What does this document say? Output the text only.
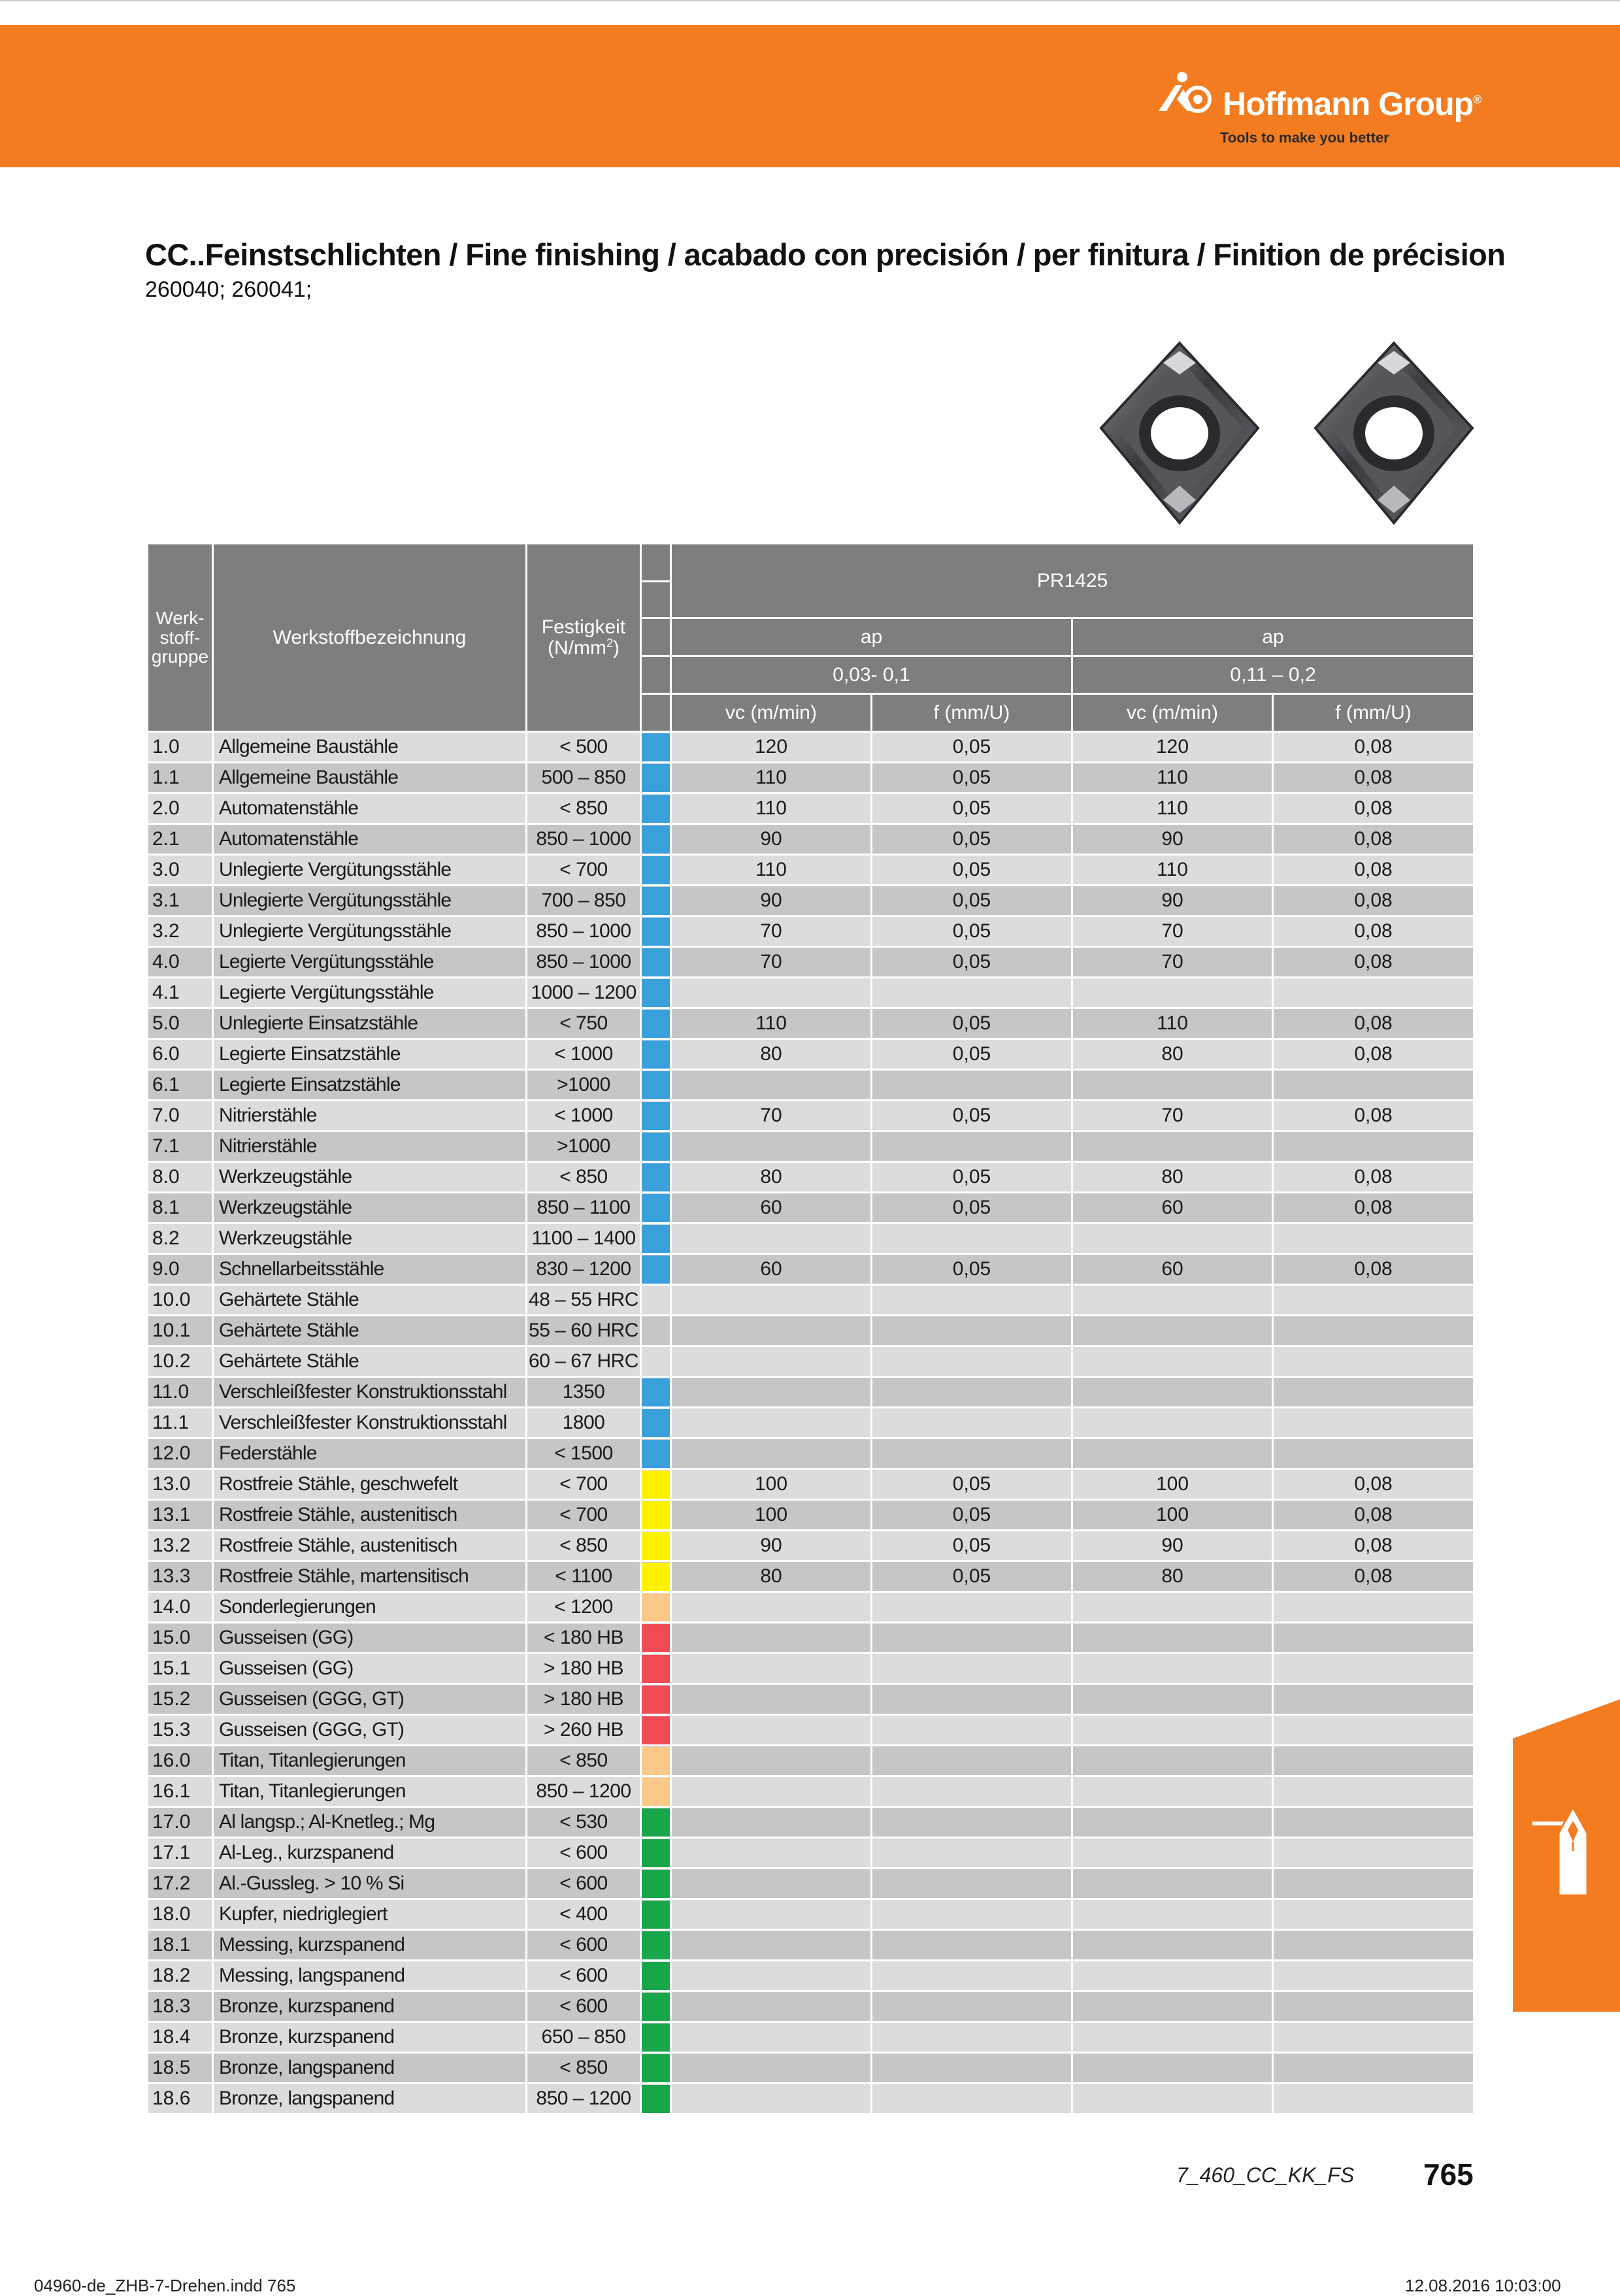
Hoffmann Group®
Tools to make you better
CC..Feinstschlichten / Fine finishing / acabado con precisión / per finitura / Finition de précision
260040; 260041;
Werk-
stoff-
gruppe	Werkstoffbezeichnung	Festigkeit
$(N/mm^2)$		PR1425			

				ap		ap	
				0,03- 0,1		0,11 – 0,2	
				vc (m/min)	f (mm/U)	vc (m/min)	f (mm/U)
1.0	Allgemeine Baustähle	< 500		120	0,05	120	0,08
1.1	Allgemeine Baustähle	500 – 850		110	0,05	110	0,08
2.0	Automatenstähle	< 850		110	0,05	110	0,08
2.1	Automatenstähle	850 – 1000		90	0,05	90	0,08
3.0	Unlegierte Vergütungsstähle	< 700		110	0,05	110	0,08
3.1	Unlegierte Vergütungsstähle	700 – 850		90	0,05	90	0,08
3.2	Unlegierte Vergütungsstähle	850 – 1000		70	0,05	70	0,08
4.0	Legierte Vergütungsstähle	850 – 1000		70	0,05	70	0,08
4.1	Legierte Vergütungsstähle	1000 – 1200	

5.0	Unlegierte Einsatzstähle	< 750		110	0,05	110	0,08
6.0	Legierte Einsatzstähle	< 1000		80	0,05	80	0,08
6.1	Legierte Einsatzstähle	>1000	

7.0	Nitrierstähle	< 1000		70	0,05	70	0,08
7.1	Nitrierstähle	>1000	

8.0	Werkzeugstähle	< 850		80	0,05	80	0,08
8.1	Werkzeugstähle	850 – 1100		60	0,05	60	0,08
8.2	Werkzeugstähle	1100 – 1400	

9.0	Schnellarbeitsstähle	830 – 1200		60	0,05	60	0,08
10.0	Gehärtete Stähle	48 – 55 HRC	

10.1	Gehärtete Stähle	55 – 60 HRC	

10.2	Gehärtete Stähle	60 – 67 HRC	

11.0	Verschleißfester Konstruktionsstahl	1350	

11.1	Verschleißfester Konstruktionsstahl	1800	

12.0	Federstähle	< 1500	

13.0	Rostfreie Stähle, geschwefelt	< 700		100	0,05	100	0,08
13.1	Rostfreie Stähle, austenitisch	< 700		100	0,05	100	0,08
13.2	Rostfreie Stähle, austenitisch	< 850		90	0,05	90	0,08
13.3	Rostfreie Stähle, martensitisch	< 1100		80	0,05	80	0,08
14.0	Sonderlegierungen	< 1200	

15.0	Gusseisen (GG)	< 180 HB	

15.1	Gusseisen (GG)	> 180 HB	

15.2	Gusseisen (GGG, GT)	> 180 HB	

15.3	Gusseisen (GGG, GT)	> 260 HB	

16.0	Titan, Titanlegierungen	< 850	

16.1	Titan, Titanlegierungen	850 – 1200	

17.0	Al langsp.; Al-Knetleg.; Mg	< 530	

17.1	Al-Leg., kurzspanend	< 600	

17.2	Al.-Gussleg. > 10 % Si	< 600	

18.0	Kupfer, niedriglegiert	< 400	

18.1	Messing, kurzspanend	< 600	

18.2	Messing, langspanend	< 600	

18.3	Bronze, kurzspanend	< 600	

18.4	Bronze, kurzspanend	650 – 850	

18.5	Bronze, langspanend	< 850	

18.6	Bronze, langspanend	850 – 1200	

7_460_CC_KK_FS 765
04960-de_ZHB-7-Drehen.indd 765	12.08.2016 10:03:00
